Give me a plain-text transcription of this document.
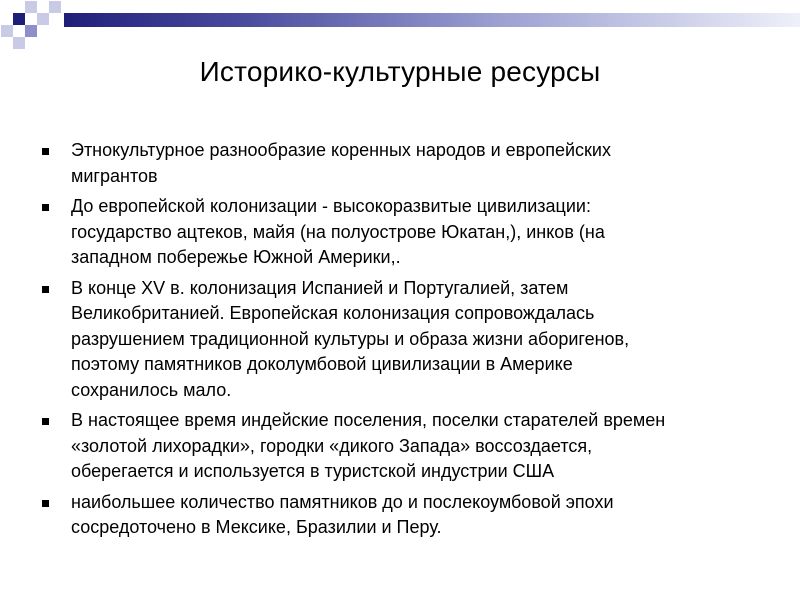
Историко-культурные ресурсы
Этнокультурное разнообразие коренных народов и европейских
мигрантов
До европейской колонизации - высокоразвитые цивилизации:
государство ацтеков, майя (на полуострове Юкатан,), инков (на
западном побережье Южной Америки,.
В конце XV в. колонизация Испанией и Португалией, затем
Великобританией. Европейская колонизация сопровождалась
разрушением традиционной культуры и образа жизни аборигенов,
поэтому памятников доколумбовой цивилизации в Америке
сохранилось мало.
В настоящее время индейские поселения, поселки старателей времен
«золотой лихорадки», городки «дикого Запада» воссоздается,
оберегается и используется в туристской индустрии США
наибольшее количество памятников до и послекоумбовой эпохи
сосредоточено в Мексике, Бразилии и Перу.
